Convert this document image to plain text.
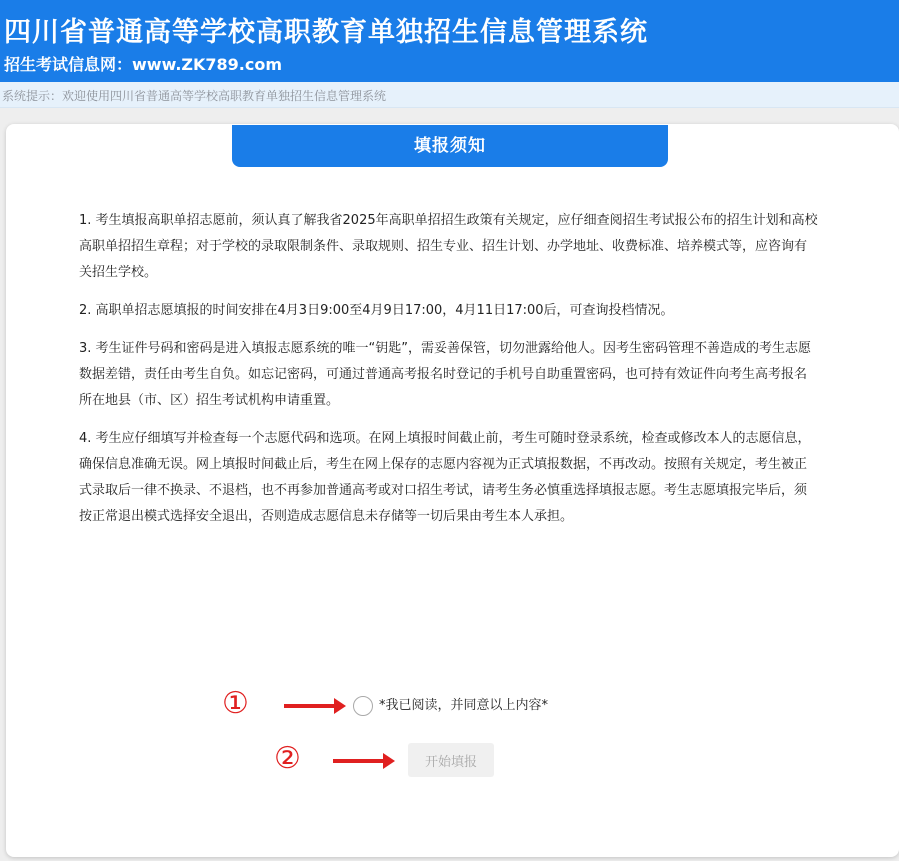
四川省普通高等学校高职教育单独招生信息管理系统
招生考试信息网：www.ZK789.com
系统提示：欢迎使用四川省普通高等学校高职教育单独招生信息管理系统
填报须知

1. 考生填报高职单招志愿前，须认真了解我省2025年高职单招招生政策有关规定，应仔细查阅招生考试报公布的招生计划和高校高职单招招生章程；对于学校的录取限制条件、录取规则、招生专业、招生计划、办学地址、收费标准、培养模式等，应咨询有关招生学校。

2. 高职单招志愿填报的时间安排在4月3日9:00至4月9日17:00，4月11日17:00后，可查询投档情况。

3. 考生证件号码和密码是进入填报志愿系统的唯一“钥匙”，需妥善保管，切勿泄露给他人。因考生密码管理不善造成的考生志愿数据差错，责任由考生自负。如忘记密码，可通过普通高考报名时登记的手机号自助重置密码，也可持有效证件向考生高考报名所在地县（市、区）招生考试机构申请重置。

4. 考生应仔细填写并检查每一个志愿代码和选项。在网上填报时间截止前，考生可随时登录系统，检查或修改本人的志愿信息，确保信息准确无误。网上填报时间截止后，考生在网上保存的志愿内容视为正式填报数据，不再改动。按照有关规定，考生被正式录取后一律不换录、不退档，也不再参加普通高考或对口招生考试，请考生务必慎重选择填报志愿。考生志愿填报完毕后，须按正常退出模式选择安全退出，否则造成志愿信息未存储等一切后果由考生本人承担。

①	*我已阅读，并同意以上内容*
②	开始填报
